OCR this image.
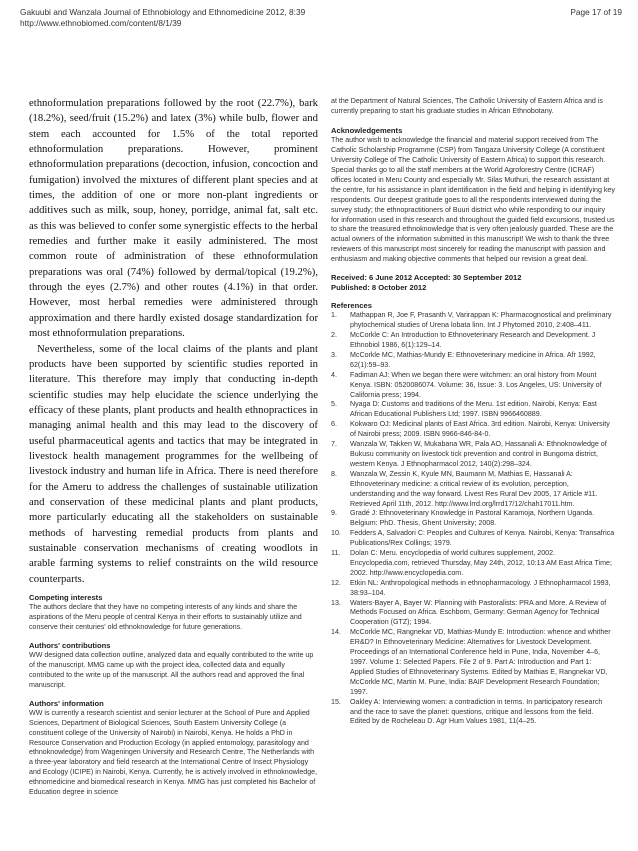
Gakuubi and Wanzala Journal of Ethnobiology and Ethnomedicine 2012, 8:39
http://www.ethnobiomed.com/content/8/1/39
Page 17 of 19

ethnoformulation preparations followed by the root (22.7%), bark (18.2%), seed/fruit (15.2%) and latex (3%) while bulb, flower and stem each accounted for 1.5% of the total reported ethnoformulation preparations. However, prominent ethnoformulation preparations (decoction, infusion, concoction and fumigation) involved the mixtures of different plant species and at times, the addition of one or more non-plant ingredients or additives such as milk, soup, honey, porridge, animal fat, salt etc. as this was believed to confer some synergistic effects to the herbal remedies and further make it easily administered. The most common route of administration of these ethnoformulation preparations was oral (74%) followed by dermal/topical (19.2%), through the eyes (2.7%) and other routes (4.1%) in that order. However, most herbal remedies were administered through approximation and there hardly existed dosage standardization for most ethnoformulation preparations.

Nevertheless, some of the local claims of the plants and plant products have been supported by scientific studies reported in literature. This therefore may imply that conducting in-depth scientific studies may help elucidate the science underlying the efficacy of these plants, plant products and health ethnopractices in managing animal health and this may lead to the discovery of useful pharmaceutical agents and tactics that may be integrated in livestock health management programmes for the wellbeing of livestock industry and human life in Africa. There is need therefore for the Ameru to address the challenges of sustainable utilization and conservation of these medicinal plants and plant products, more particularly educating all the stakeholders on sustainable methods of harvesting remedial products from plants and sustainable conservation mechanisms of creating woodlots in arable farming systems to relief constraints on the wild resource counterparts.

Competing interests

The authors declare that they have no competing interests of any kinds and share the aspirations of the Meru people of central Kenya in their efforts to sustainably utilize and conserve their centuries' old ethnoknowledge for future generations.

Authors' contributions

WW designed data collection outline, analyzed data and equally contributed to the write up of the manuscript. MMG came up with the project idea, collected data and equally contributed to the write up of the manuscript. All the authors read and approved the final manuscript.

Authors' information

WW is currently a research scientist and senior lecturer at the School of Pure and Applied Sciences, Department of Biological Sciences, South Eastern University College (a constituent college of the University of Nairobi) in Nairobi, Kenya. He holds a PhD in Resource Conservation and Production Ecology (in applied entomology, parasitology and ethnoknowledge) from Wageningen University and Research Centre, The Netherlands with a three-year laboratory and field research at the International Centre of Insect Physiology and Ecology (ICIPE) in Nairobi, Kenya. Currently, he is actively involved in ethnoknowledge, ethnomedicine and biomedical research in Kenya. MMG has just completed his Bachelor of Education degree in science

at the Department of Natural Sciences, The Catholic University of Eastern Africa and is currently preparing to start his graduate studies in African Ethnobotany.

Acknowledgements

The author wish to acknowledge the financial and material support received from The Catholic Scholarship Programme (CSP) from Tangaza University College (A constituent University College of The Catholic University of Eastern Africa) to support this research. Special thanks go to all the staff members at the World Agroforestry Centre (ICRAF) offices located in Meru County and especially Mr. Silas Muthuri, the research assistant at the centre, for his assistance in plant identification in the field and helping in identifying key respondents. Our deepest gratitude goes to all the respondents interviewed during the survey study; the ethnopractitioners of Buuri district who while responding to our inquiry for information used in this research and throughout the guided field excursions, trusted us to share the treasured ethnoknowledge that is very often jealously guarded. These are the actual owners of the information submitted in this manuscript! We wish to thank the three reviewers of this manuscript most sincerely for reading the manuscript with passion and enthusiasm and making objective comments that helped our revision a great deal.

Received: 6 June 2012 Accepted: 30 September 2012

Published: 8 October 2012

References

1. Mathappan R, Joe F, Prasanth V, Varirappan K: Pharmacognostical and preliminary phytochemical studies of Urena lobata linn. Int J Phytomed 2010, 2:408–411.
2. McCorkle C: An Introduction to Ethnoveterinary Research and Development. J Ethnobiol 1986, 6(1):129–14.
3. McCorkle MC, Mathias-Mundy E: Ethnoveterinary medicine in Africa. Afr 1992, 62(1):59–93.
4. Fadiman AJ: When we began there were witchmen: an oral history from Mount Kenya. ISBN: 0520086074. Volume: 36, Issue: 3. Los Angeles, US: University of California press; 1994.
5. Nyaga D: Customs and traditions of the Meru. 1st edition. Nairobi, Kenya: East African Educational Publishers Ltd; 1997. ISBN 9966460889.
6. Kokwaro OJ: Medicinal plants of East Africa. 3rd edition. Nairobi, Kenya: University of Nairobi press; 2009. ISBN 9966-846-84-0.
7. Wanzala W, Takken W, Mukabana WR, Pala AO, Hassanali A: Ethnoknowledge of Bukusu community on livestock tick prevention and control in Bungoma district, western Kenya. J Ethnopharmacol 2012, 140(2):298–324.
8. Wanzala W, Zessin K, Kyule MN, Baumann M, Mathias E, Hassanali A: Ethnoveterinary medicine: a critical review of its evolution, perception, understanding and the way forward. Livest Res Rural Dev 2005, 17 Article #11. Retrieved April 11th, 2012. http://www.lrrd.org/lrrd17/12/chah17011.htm.
9. Gradé J: Ethnoveterinary Knowledge in Pastoral Karamoja, Northern Uganda. Belgium: PhD. Thesis, Ghent University; 2008.
10. Fedders A, Salvadori C: Peoples and Cultures of Kenya. Nairobi, Kenya: Transafrica Publications/Rex Collings; 1979.
11. Dolan C: Meru. encyclopedia of world cultures supplement, 2002. Encyclopedia.com, retrieved Thursday, May 24th, 2012, 10:13 AM East Africa Time; 2002. http://www.encyclopedia.com.
12. Etkin NL: Anthropological methods in ethnopharmacology. J Ethnopharmacol 1993, 38:93–104.
13. Waters-Bayer A, Bayer W: Planning with Pastoralists: PRA and More. A Review of Methods Focused on Africa. Eschborn, Germany: German Agency for Technical Cooperation (GTZ); 1994.
14. McCorkle MC, Rangnekar VD, Mathias-Mundy E: Introduction: whence and whither ER&D? In Ethnoveterinary Medicine: Alternatives for Livestock Development. Proceedings of an International Conference held in Pune, India, November 4–6, 1997. Volume 1: Selected Papers. File 2 of 9. Part A: Introduction and Part 1: Applied Studies of Ethnoveterinary Systems. Edited by Mathias E, Rangnekar VD, McCorkle MC, Martin M. Pune, India: BAIF Development Research Foundation; 1997.
15. Oakley A: Interviewing women: a contradiction in terms. In participatory research and the race to save the planet: questions, critique and lessons from the field. Edited by de Rocheleau D. Agr Hum Values 1981, 11(4–25.
